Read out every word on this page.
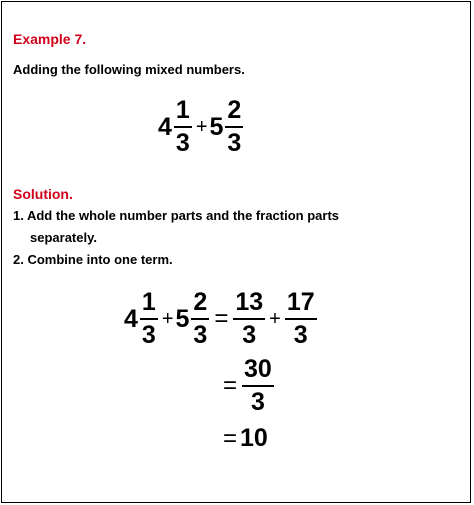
Example 7.
Adding the following mixed numbers.
$4 \frac{1}{3} + 5 \frac{2}{3}$
Solution.
1. Add the whole number parts and the fraction parts
separately.
2. Combine into one term.
$4 \frac{1}{3} + 5 \frac{2}{3} = \frac{13}{3} + \frac{17}{3}$
= $\frac{30}{3}$
= 10
